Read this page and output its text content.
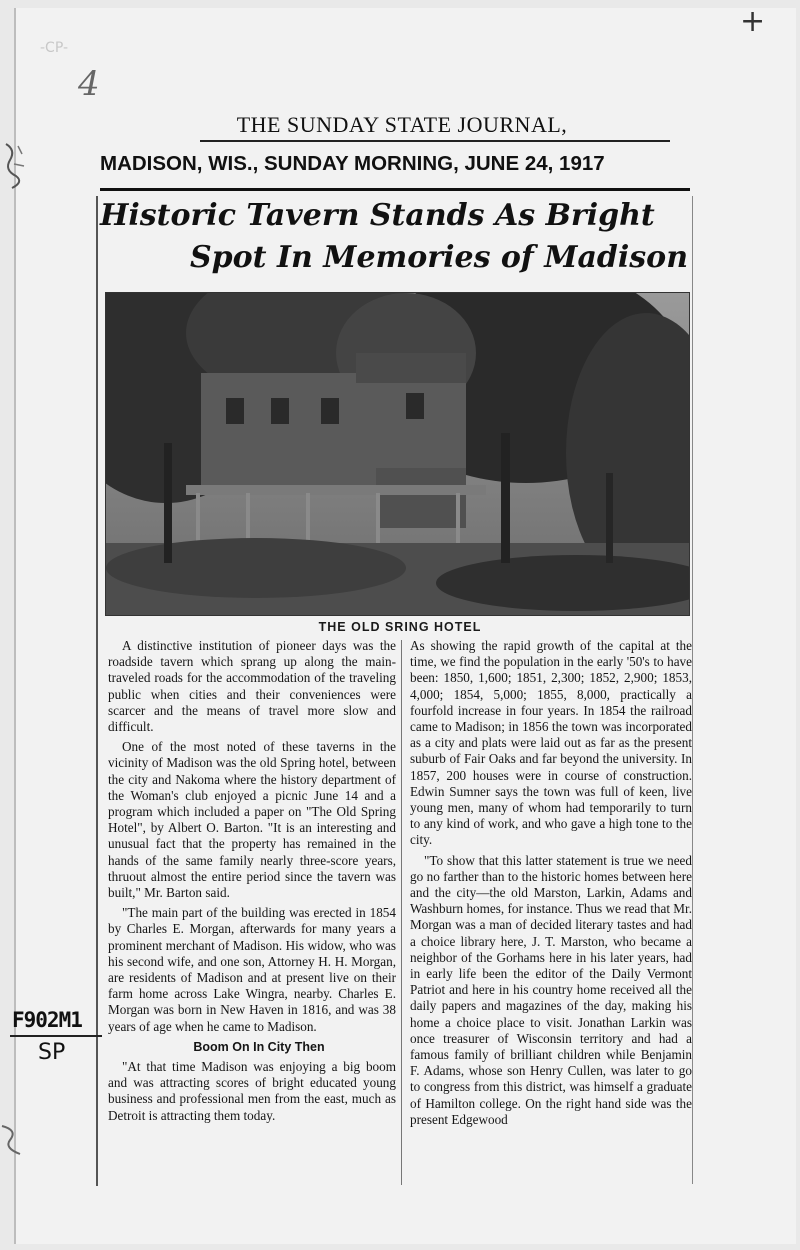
+
4
-CP-
THE SUNDAY STATE JOURNAL,
MADISON, WIS., SUNDAY MORNING, JUNE 24, 1917
Historic Tavern Stands As Bright
Spot In Memories of Madison
THE OLD SRING HOTEL

A distinctive institution of pioneer days was the roadside tavern which sprang up along the main-traveled roads for the accommodation of the traveling public when cities and their conveniences were scarcer and the means of travel more slow and difficult.

One of the most noted of these taverns in the vicinity of Madison was the old Spring hotel, between the city and Nakoma where the history department of the Woman's club enjoyed a picnic June 14 and a program which included a paper on "The Old Spring Hotel", by Albert O. Barton. "It is an interesting and unusual fact that the property has remained in the hands of the same family nearly three-score years, thruout almost the entire period since the tavern was built," Mr. Barton said.

"The main part of the building was erected in 1854 by Charles E. Morgan, afterwards for many years a prominent merchant of Madison. His widow, who was his second wife, and one son, Attorney H. H. Morgan, are residents of Madison and at present live on their farm home across Lake Wingra, nearby. Charles E. Morgan was born in New Haven in 1816, and was 38 years of age when he came to Madison.

Boom On In City Then

"At that time Madison was enjoying a big boom and was attracting scores of bright educated young business and professional men from the east, much as Detroit is attracting them today.

As showing the rapid growth of the capital at the time, we find the population in the early '50's to have been: 1850, 1,600; 1851, 2,300; 1852, 2,900; 1853, 4,000; 1854, 5,000; 1855, 8,000, practically a fourfold increase in four years. In 1854 the railroad came to Madison; in 1856 the town was incorporated as a city and plats were laid out as far as the present suburb of Fair Oaks and far beyond the university. In 1857, 200 houses were in course of construction. Edwin Sumner says the town was full of keen, live young men, many of whom had temporarily to turn to any kind of work, and who gave a high tone to the city.

"To show that this latter statement is true we need go no farther than to the historic homes between here and the city—the old Marston, Larkin, Adams and Washburn homes, for instance. Thus we read that Mr. Morgan was a man of decided literary tastes and had a choice library here, J. T. Marston, who became a neighbor of the Gorhams here in his later years, had in early life been the editor of the Daily Vermont Patriot and here in his country home received all the daily papers and magazines of the day, making his home a choice place to visit. Jonathan Larkin was once treasurer of Wisconsin territory and had a famous family of brilliant children while Benjamin F. Adams, whose son Henry Cullen, was later to go to congress from this district, was himself a graduate of Hamilton college. On the right hand side was the present Edgewood

F902M1
SP
